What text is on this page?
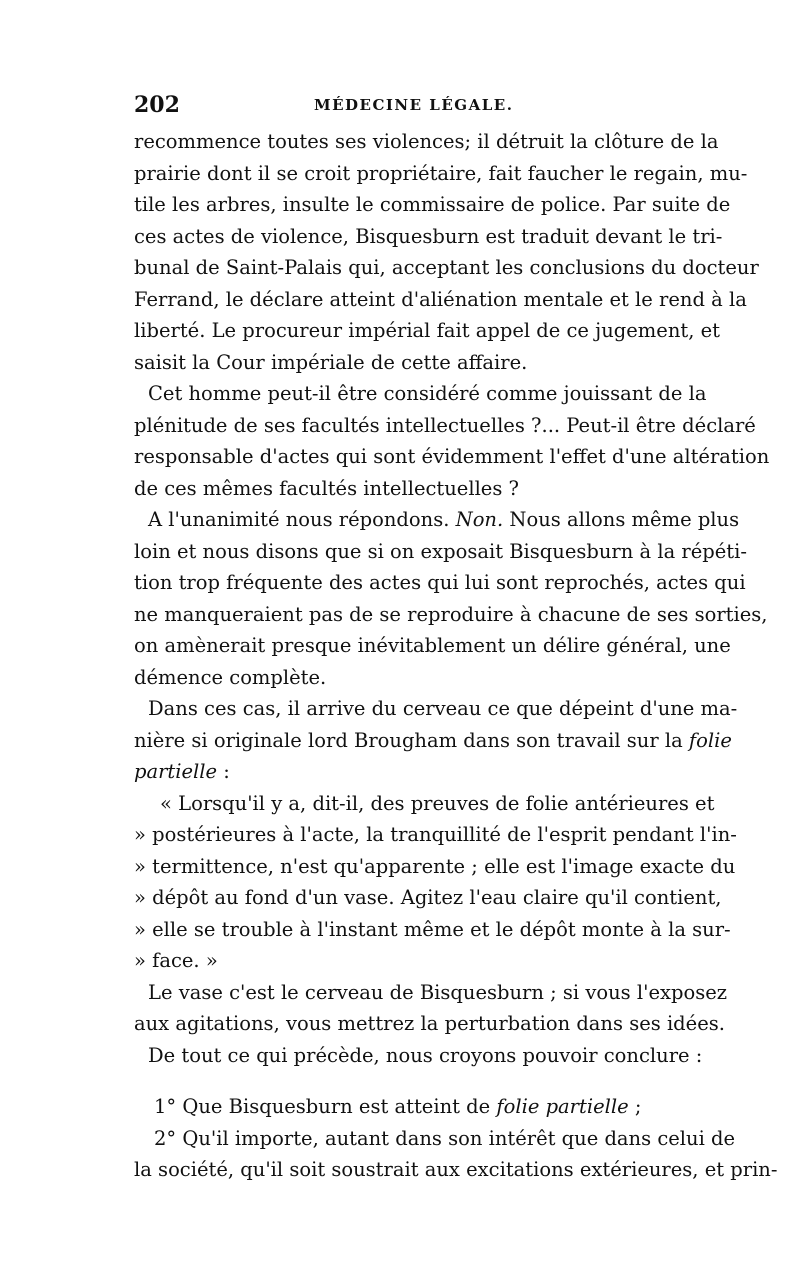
202	MÉDECINE LÉGALE.
recommence toutes ses violences; il détruit la clôture de la
prairie dont il se croit propriétaire, fait faucher le regain, mu-
tile les arbres, insulte le commissaire de police. Par suite de
ces actes de violence, Bisquesburn est traduit devant le tri-
bunal de Saint-Palais qui, acceptant les conclusions du docteur
Ferrand, le déclare atteint d'aliénation mentale et le rend à la
liberté. Le procureur impérial fait appel de ce jugement, et
saisit la Cour impériale de cette affaire.
Cet homme peut-il être considéré comme jouissant de la
plénitude de ses facultés intellectuelles ?... Peut-il être déclaré
responsable d'actes qui sont évidemment l'effet d'une altération
de ces mêmes facultés intellectuelles ?
A l'unanimité nous répondons. Non. Nous allons même plus
loin et nous disons que si on exposait Bisquesburn à la répéti-
tion trop fréquente des actes qui lui sont reprochés, actes qui
ne manqueraient pas de se reproduire à chacune de ses sorties,
on amènerait presque inévitablement un délire général, une
démence complète.
Dans ces cas, il arrive du cerveau ce que dépeint d'une ma-
nière si originale lord Brougham dans son travail sur la folie
partielle :
« Lorsqu'il y a, dit-il, des preuves de folie antérieures et
» postérieures à l'acte, la tranquillité de l'esprit pendant l'in-
» termittence, n'est qu'apparente ; elle est l'image exacte du
» dépôt au fond d'un vase. Agitez l'eau claire qu'il contient,
» elle se trouble à l'instant même et le dépôt monte à la sur-
» face. »
Le vase c'est le cerveau de Bisquesburn ; si vous l'exposez
aux agitations, vous mettrez la perturbation dans ses idées.
De tout ce qui précède, nous croyons pouvoir conclure :
1° Que Bisquesburn est atteint de folie partielle ;
2° Qu'il importe, autant dans son intérêt que dans celui de
la société, qu'il soit soustrait aux excitations extérieures, et prin-
